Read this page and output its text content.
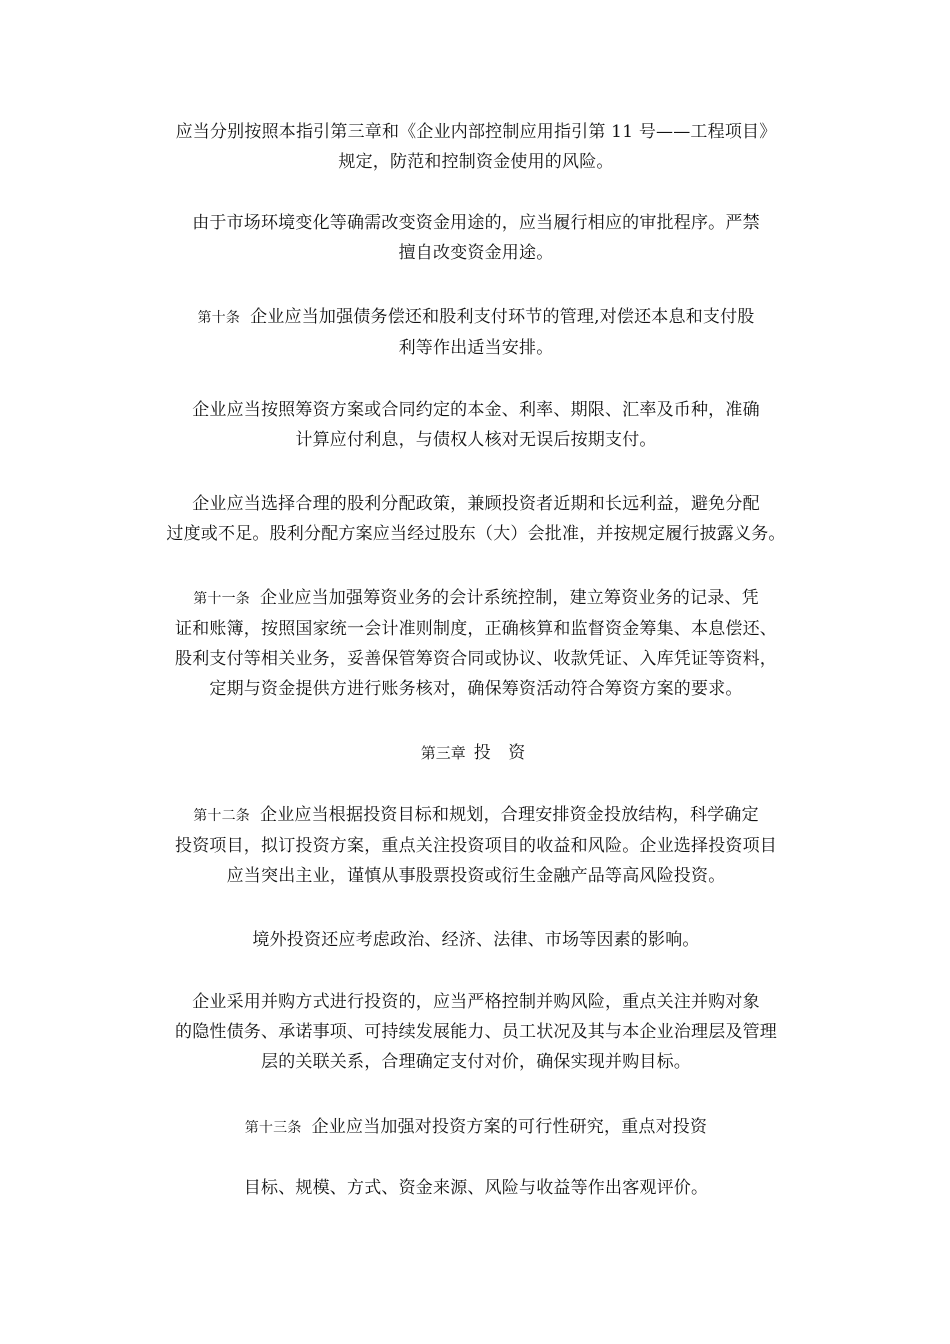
应当分别按照本指引第三章和《企业内部控制应用指引第 11 号——工程项目》
规定，防范和控制资金使用的风险。

由于市场环境变化等确需改变资金用途的，应当履行相应的审批程序。严禁
擅自改变资金用途。

第十条 企业应当加强债务偿还和股利支付环节的管理,对偿还本息和支付股
利等作出适当安排。

企业应当按照筹资方案或合同约定的本金、利率、期限、汇率及币种，准确
计算应付利息，与债权人核对无误后按期支付。

企业应当选择合理的股利分配政策，兼顾投资者近期和长远利益，避免分配
过度或不足。股利分配方案应当经过股东（大）会批准，并按规定履行披露义务。

第十一条 企业应当加强筹资业务的会计系统控制，建立筹资业务的记录、凭
证和账簿，按照国家统一会计准则制度，正确核算和监督资金筹集、本息偿还、
股利支付等相关业务，妥善保管筹资合同或协议、收款凭证、入库凭证等资料，
定期与资金提供方进行账务核对，确保筹资活动符合筹资方案的要求。

第三章 投 资

第十二条 企业应当根据投资目标和规划，合理安排资金投放结构，科学确定
投资项目，拟订投资方案，重点关注投资项目的收益和风险。企业选择投资项目
应当突出主业，谨慎从事股票投资或衍生金融产品等高风险投资。

境外投资还应考虑政治、经济、法律、市场等因素的影响。

企业采用并购方式进行投资的，应当严格控制并购风险，重点关注并购对象
的隐性债务、承诺事项、可持续发展能力、员工状况及其与本企业治理层及管理
层的关联关系，合理确定支付对价，确保实现并购目标。

第十三条 企业应当加强对投资方案的可行性研究，重点对投资

目标、规模、方式、资金来源、风险与收益等作出客观评价。
